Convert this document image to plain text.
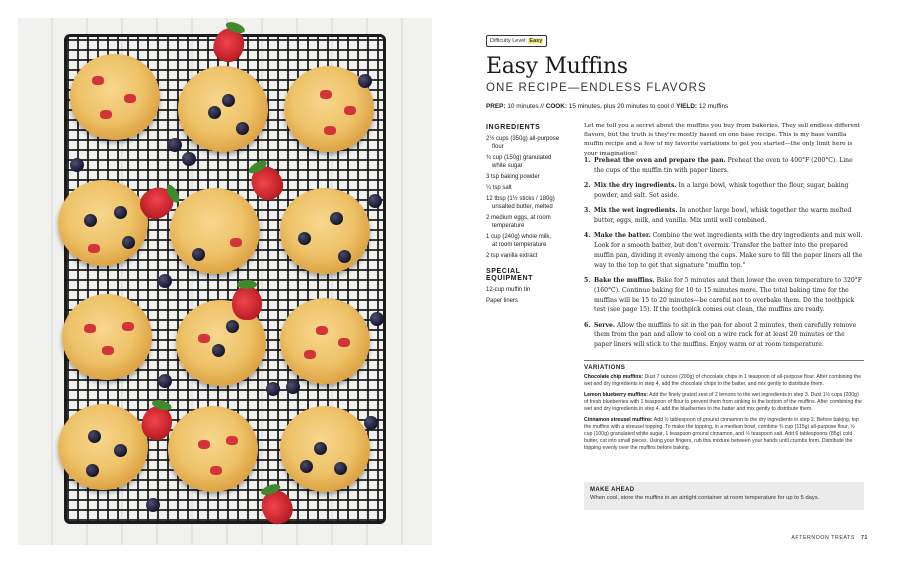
Difficulty Level: Easy
Easy Muffins
ONE RECIPE—ENDLESS FLAVORS
PREP: 10 minutes // COOK: 15 minutes, plus 20 minutes to cool // YIELD: 12 muffins
INGREDIENTS
2½ cups (350g) all-purpose
flour
¾ cup (150g) granulated
white sugar
3 tsp baking powder
¼ tsp salt
12 tbsp (1½ sticks / 180g)
unsalted butter, melted
2 medium eggs, at room
temperature
1 cup (240g) whole milk,
at room temperature
2 tsp vanilla extract
SPECIAL EQUIPMENT
12-cup muffin tin
Paper liners

Let me tell you a secret about the muffins you buy from bakeries. They sell endless different flavors, but the truth is they're mostly based on one base recipe. This is my base vanilla muffin recipe and a few of my favorite variations to get you started—the only limit here is your imagination!

1. Preheat the oven and prepare the pan. Preheat the oven to 400°F (200°C). Line the cups of the muffin tin with paper liners.
2. Mix the dry ingredients. In a large bowl, whisk together the flour, sugar, baking powder, and salt. Set aside.
3. Mix the wet ingredients. In another large bowl, whisk together the warm melted butter, eggs, milk, and vanilla. Mix until well combined.
4. Make the batter. Combine the wet ingredients with the dry ingredients and mix well. Look for a smooth batter, but don't overmix. Transfer the batter into the prepared muffin pan, dividing it evenly among the cups. Make sure to fill the paper liners all the way to the top to get that signature "muffin top."
5. Bake the muffins. Bake for 5 minutes and then lower the oven temperature to 320°F (160°C). Continue baking for 10 to 15 minutes more. The total baking time for the muffins will be 15 to 20 minutes—be careful not to overbake them. Do the toothpick test (see page 15). If the toothpick comes out clean, the muffins are ready.
6. Serve. Allow the muffins to sit in the pan for about 2 minutes, then carefully remove them from the pan and allow to cool on a wire rack for at least 20 minutes or the paper liners will stick to the muffins. Enjoy warm or at room temperature.
VARIATIONS

Chocolate chip muffins: Dust 7 ounces (200g) of chocolate chips in 1 teaspoon of all-purpose flour. After combining the wet and dry ingredients in step 4, add the chocolate chips to the batter, and mix gently to distribute them.

Lemon blueberry muffins: Add the finely grated zest of 2 lemons to the wet ingredients in step 3. Dust 1½ cups (200g) of fresh blueberries with 1 teaspoon of flour to prevent them from sinking to the bottom of the muffins. After combining the wet and dry ingredients in step 4, add the blueberries to the batter and mix gently to distribute them.

Cinnamon streusel muffins: Add ½ tablespoon of ground cinnamon to the dry ingredients in step 2. Before baking, top the muffins with a streusel topping. To make the topping, in a medium bowl, combine ¾ cup (115g) all-purpose flour, ½ cup (100g) granulated white sugar, 1 teaspoon ground cinnamon, and ½ teaspoon salt. Add 6 tablespoons (85g) cold butter, cut into small pieces. Using your fingers, rub this mixture between your hands until crumbs form. Distribute the topping evenly over the muffins before baking.

MAKE AHEAD
When cool, store the muffins in an airtight container at room temperature for up to 5 days.
AFTERNOON TREATS 71
